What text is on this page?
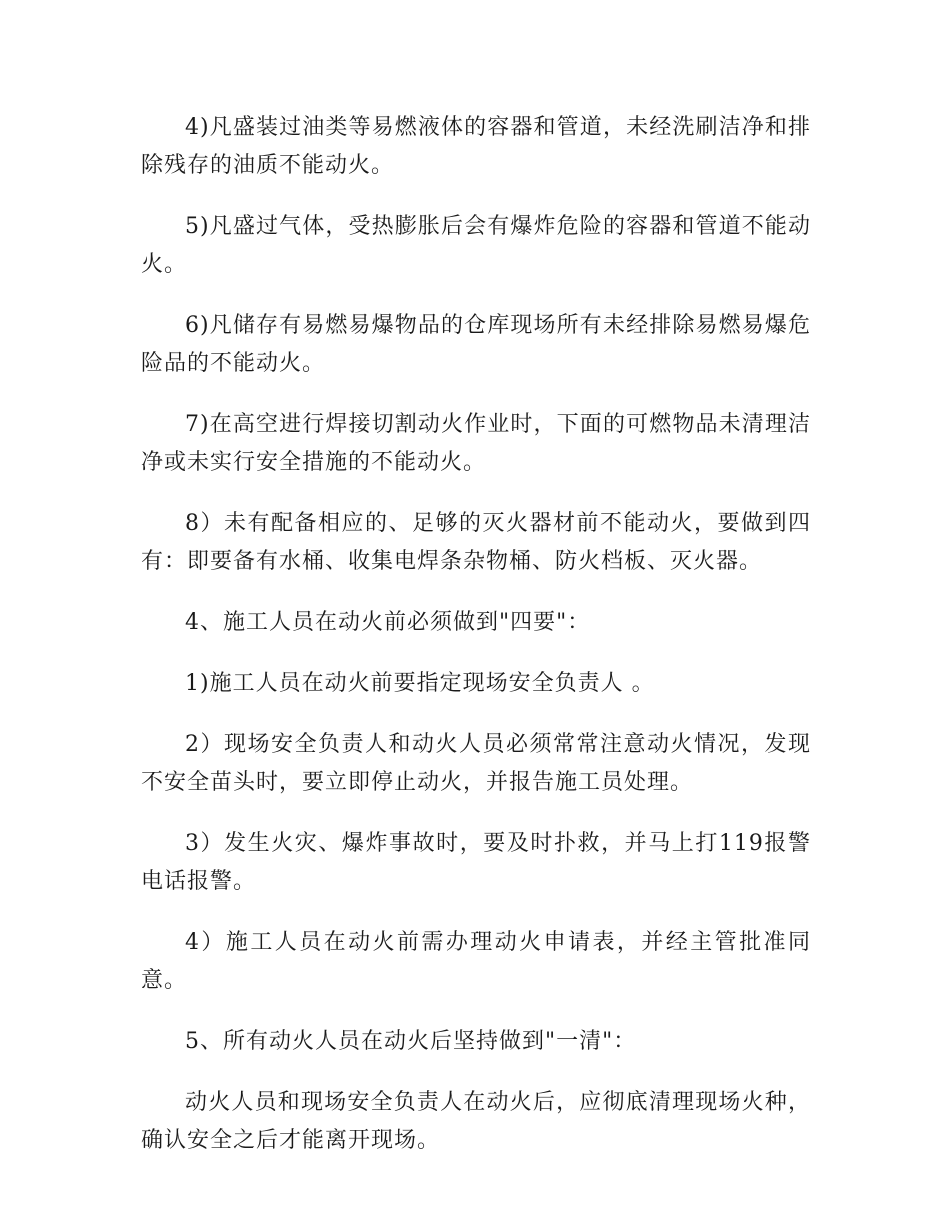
4)凡盛装过油类等易燃液体的容器和管道，未经洗刷洁净和排除残存的油质不能动火。

5)凡盛过气体，受热膨胀后会有爆炸危险的容器和管道不能动火。

6)凡储存有易燃易爆物品的仓库现场所有未经排除易燃易爆危险品的不能动火。

7)在高空进行焊接切割动火作业时，下面的可燃物品未清理洁净或未实行安全措施的不能动火。

8）未有配备相应的、足够的灭火器材前不能动火，要做到四有：即要备有水桶、收集电焊条杂物桶、防火档板、灭火器。

4、施工人员在动火前必须做到"四要"：

1)施工人员在动火前要指定现场安全负责人 。

2）现场安全负责人和动火人员必须常常注意动火情况，发现不安全苗头时，要立即停止动火，并报告施工员处理。

3）发生火灾、爆炸事故时，要及时扑救，并马上打119报警电话报警。

4）施工人员在动火前需办理动火申请表，并经主管批准同意。

5、所有动火人员在动火后坚持做到"一清"：

动火人员和现场安全负责人在动火后，应彻底清理现场火种，确认安全之后才能离开现场。
